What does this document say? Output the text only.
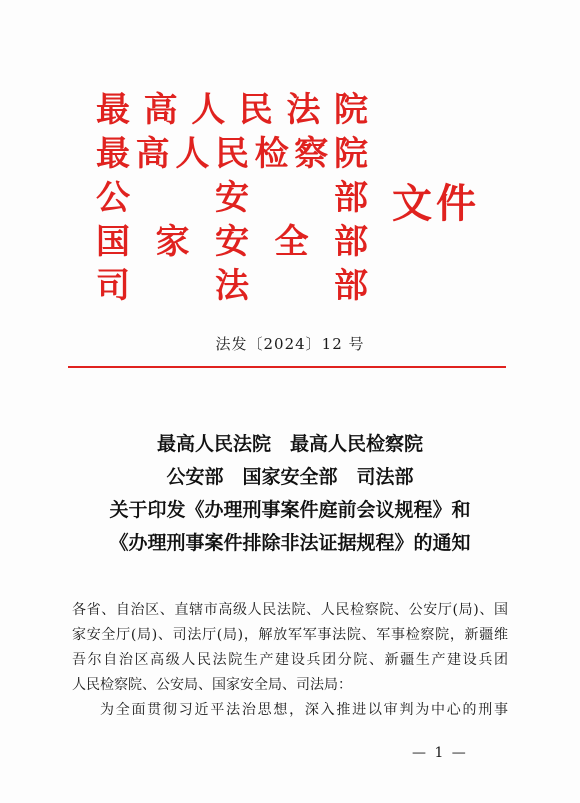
最 高 人 民 法 院
最 高 人 民 检 察 院
公	安	部
国 家 安 全 部
司	法	部
文件
法发〔2024〕12 号
最高人民法院　最高人民检察院
公安部　国家安全部　司法部
关于印发《办理刑事案件庭前会议规程》和
《办理刑事案件排除非法证据规程》的通知
各省、自治区、直辖市高级人民法院、人民检察院、公安厅(局)、国
家安全厅(局)、司法厅(局)，解放军军事法院、军事检察院，新疆维
吾尔自治区高级人民法院生产建设兵团分院、新疆生产建设兵团
人民检察院、公安局、国家安全局、司法局：
为全面贯彻习近平法治思想，深入推进以审判为中心的刑事
— 1 —
